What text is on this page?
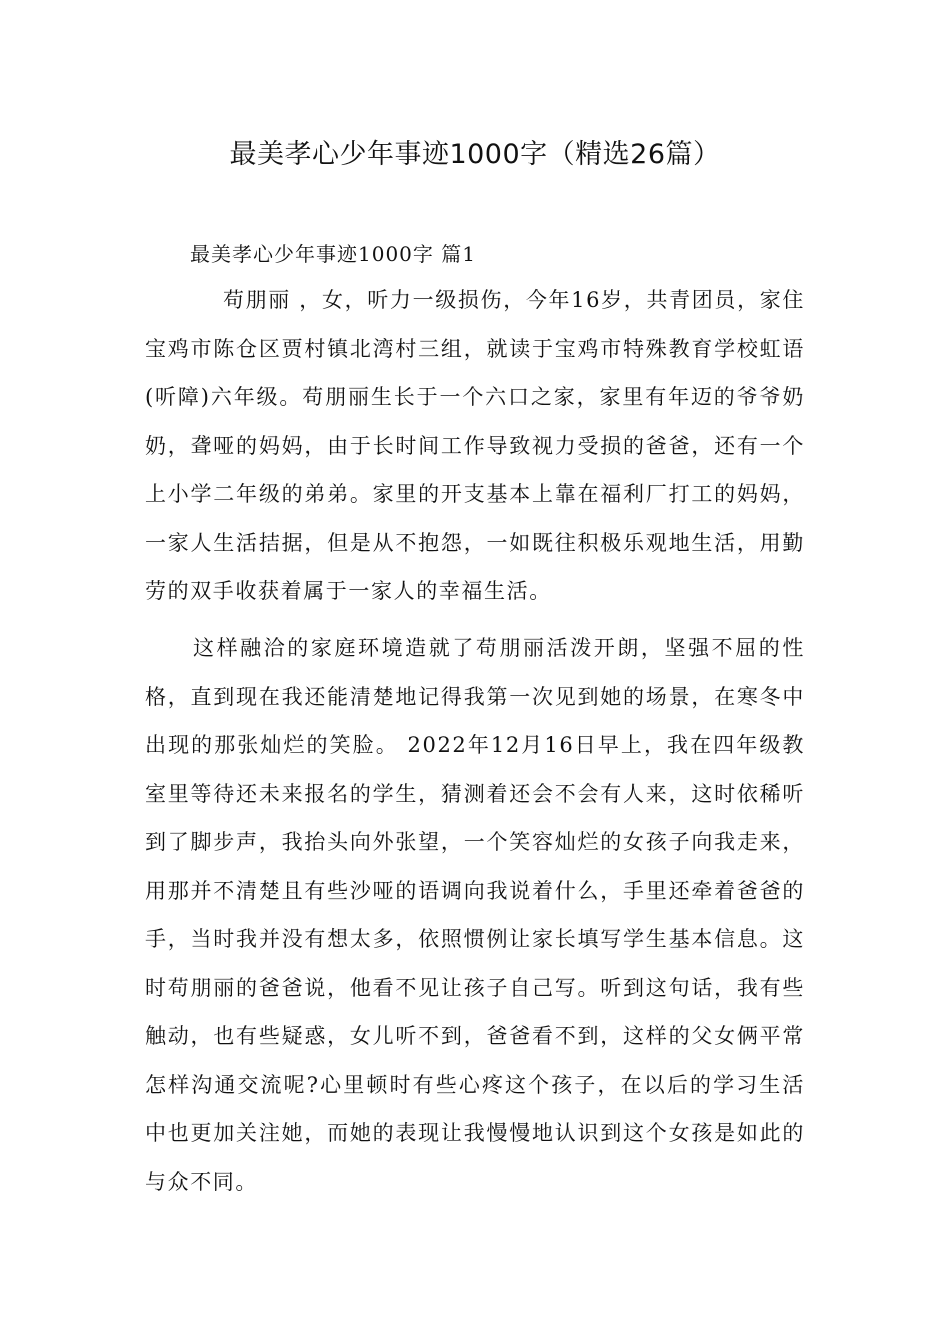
最美孝心少年事迹1000字（精选26篇）
最美孝心少年事迹1000字 篇1

苟朋丽 ，女，听力一级损伤，今年16岁，共青团员，家住宝鸡市陈仓区贾村镇北湾村三组，就读于宝鸡市特殊教育学校虹语(听障)六年级。苟朋丽生长于一个六口之家，家里有年迈的爷爷奶奶，聋哑的妈妈，由于长时间工作导致视力受损的爸爸，还有一个上小学二年级的弟弟。家里的开支基本上靠在福利厂打工的妈妈，一家人生活拮据，但是从不抱怨，一如既往积极乐观地生活，用勤劳的双手收获着属于一家人的幸福生活。

这样融洽的家庭环境造就了苟朋丽活泼开朗，坚强不屈的性格，直到现在我还能清楚地记得我第一次见到她的场景，在寒冬中出现的那张灿烂的笑脸。 2022年12月16日早上，我在四年级教室里等待还未来报名的学生，猜测着还会不会有人来，这时依稀听到了脚步声，我抬头向外张望，一个笑容灿烂的女孩子向我走来，用那并不清楚且有些沙哑的语调向我说着什么，手里还牵着爸爸的手，当时我并没有想太多，依照惯例让家长填写学生基本信息。这时苟朋丽的爸爸说，他看不见让孩子自己写。听到这句话，我有些触动，也有些疑惑，女儿听不到，爸爸看不到，这样的父女俩平常怎样沟通交流呢?心里顿时有些心疼这个孩子，在以后的学习生活中也更加关注她，而她的表现让我慢慢地认识到这个女孩是如此的与众不同。
